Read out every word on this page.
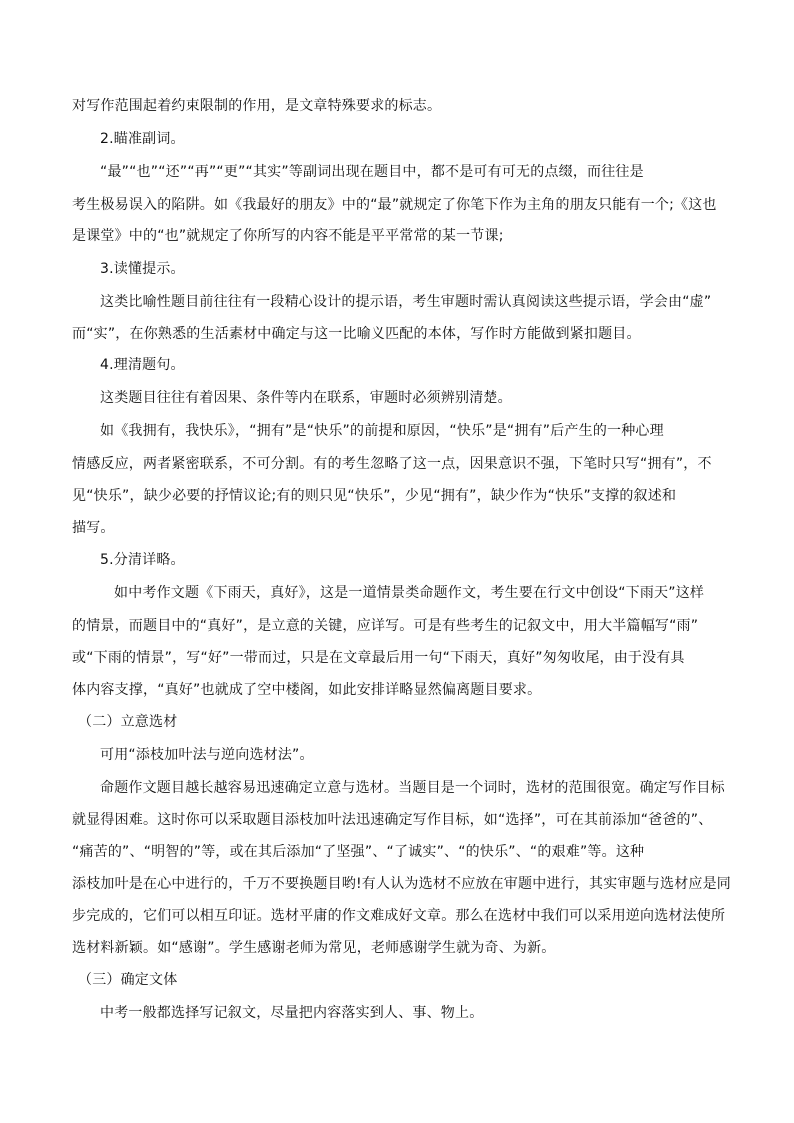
对写作范围起着约束限制的作用，是文章特殊要求的标志。
2.瞄准副词。
“最”“也”“还”“再”“更”“其实”等副词出现在题目中，都不是可有可无的点缀，而往往是
考生极易误入的陷阱。如《我最好的朋友》中的“最”就规定了你笔下作为主角的朋友只能有一个;《这也
是课堂》中的“也”就规定了你所写的内容不能是平平常常的某一节课;
3.读懂提示。
这类比喻性题目前往往有一段精心设计的提示语，考生审题时需认真阅读这些提示语，学会由“虚”
而“实”，在你熟悉的生活素材中确定与这一比喻义匹配的本体，写作时方能做到紧扣题目。
4.理清题句。
这类题目往往有着因果、条件等内在联系，审题时必须辨别清楚。
如《我拥有，我快乐》，“拥有”是“快乐”的前提和原因，“快乐”是“拥有”后产生的一种心理
情感反应，两者紧密联系，不可分割。有的考生忽略了这一点，因果意识不强，下笔时只写“拥有”，不
见“快乐”，缺少必要的抒情议论;有的则只见“快乐”，少见“拥有”，缺少作为“快乐”支撑的叙述和
描写。
5.分清详略。
如中考作文题《下雨天，真好》，这是一道情景类命题作文，考生要在行文中创设“下雨天”这样
的情景，而题目中的“真好”，是立意的关键，应详写。可是有些考生的记叙文中，用大半篇幅写“雨”
或“下雨的情景”，写“好”一带而过，只是在文章最后用一句“下雨天，真好”匆匆收尾，由于没有具
体内容支撑，“真好”也就成了空中楼阁，如此安排详略显然偏离题目要求。
（二）立意选材
可用“添枝加叶法与逆向选材法”。
命题作文题目越长越容易迅速确定立意与选材。当题目是一个词时，选材的范围很宽。确定写作目标
就显得困难。这时你可以采取题目添枝加叶法迅速确定写作目标，如“选择”，可在其前添加“爸爸的”、
“痛苦的”、“明智的”等，或在其后添加“了坚强”、“了诚实”、“的快乐”、“的艰难”等。这种
添枝加叶是在心中进行的，千万不要换题目哟!有人认为选材不应放在审题中进行，其实审题与选材应是同
步完成的，它们可以相互印证。选材平庸的作文难成好文章。那么在选材中我们可以采用逆向选材法使所
选材料新颖。如“感谢”。学生感谢老师为常见，老师感谢学生就为奇、为新。
（三）确定文体
中考一般都选择写记叙文，尽量把内容落实到人、事、物上。
